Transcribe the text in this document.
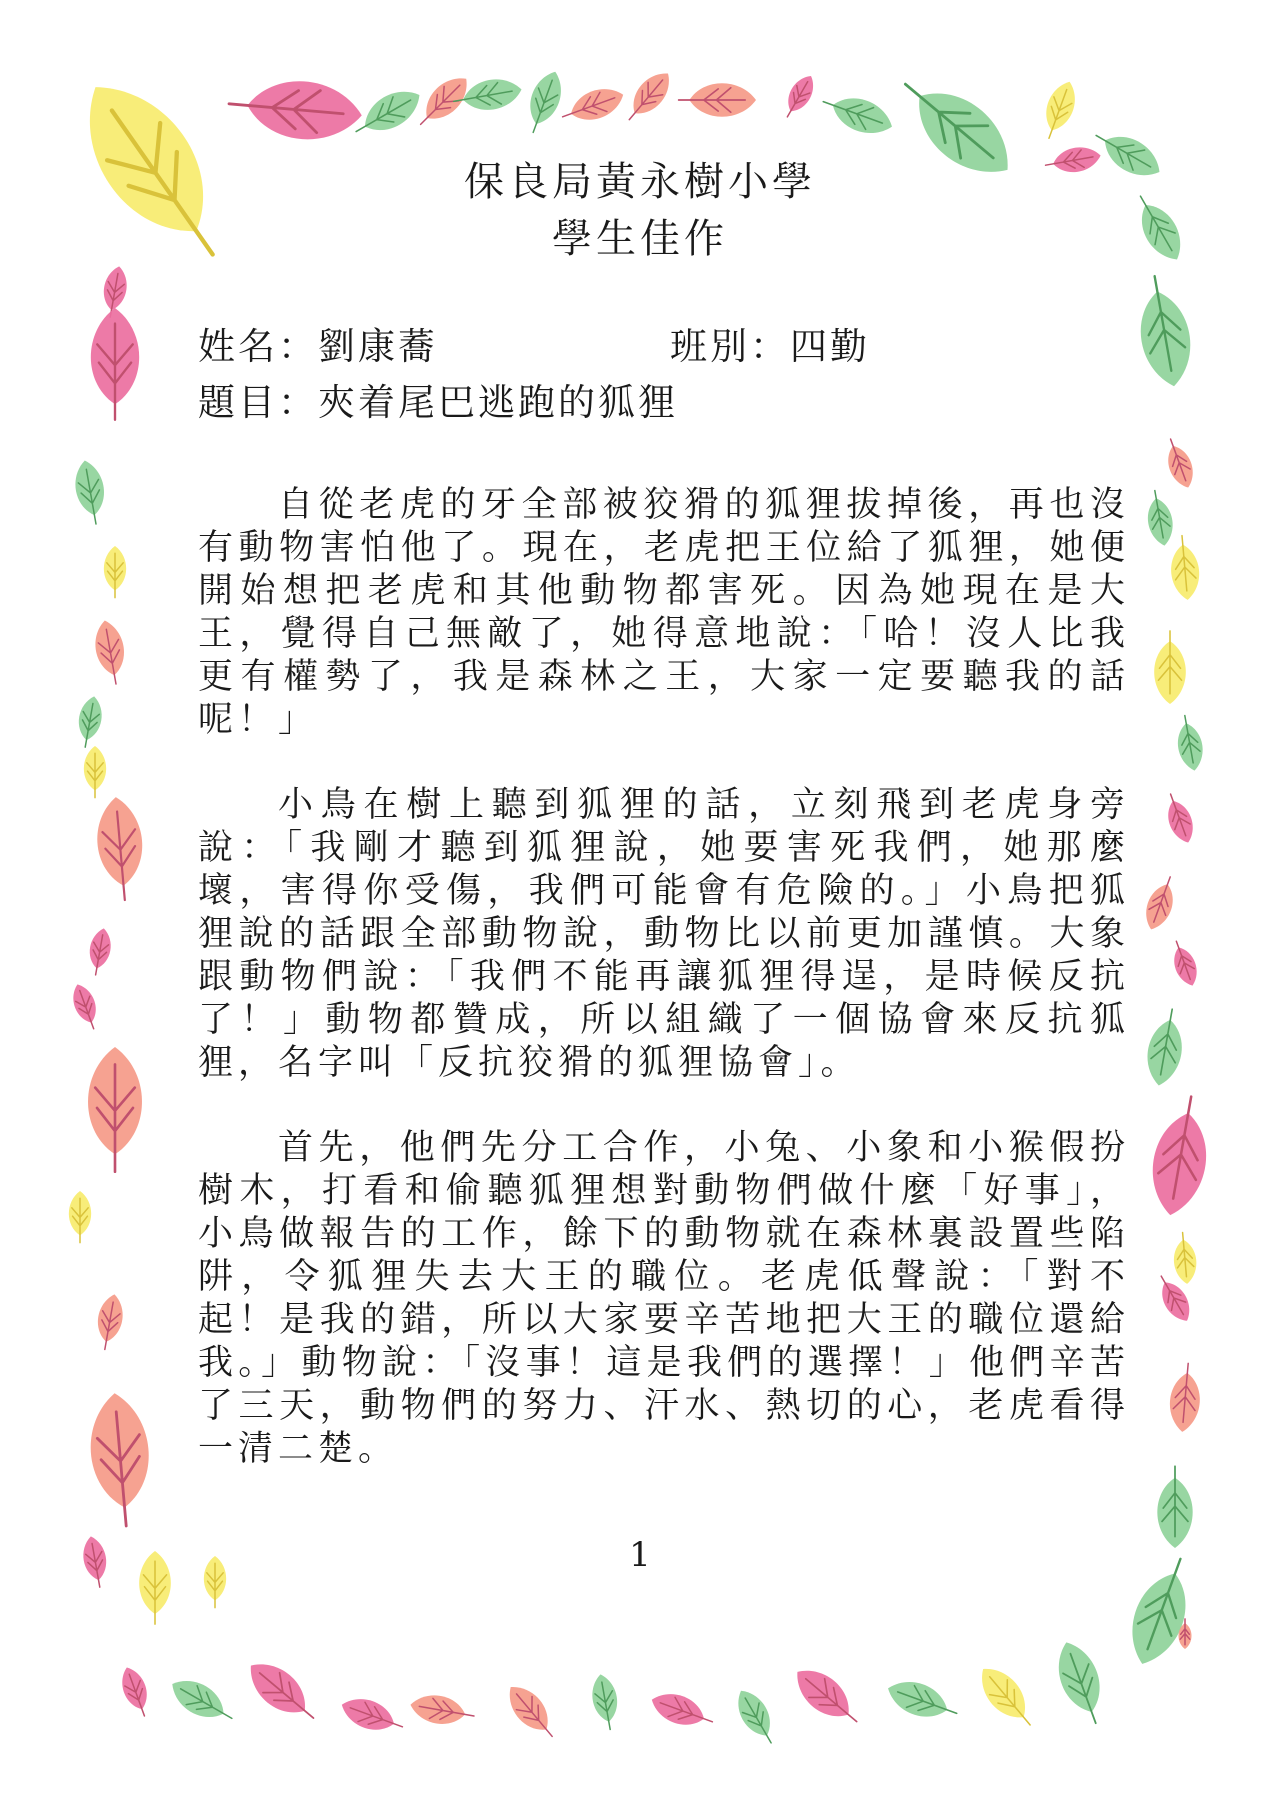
保良局黃永樹小學
學生佳作
姓名：劉康蕎	班別：四勤
題目：夾着尾巴逃跑的狐狸

自從老虎的牙全部被狡猾的狐狸拔掉後，再也沒有動物害怕他了。現在，老虎把王位給了狐狸，她便開始想把老虎和其他動物都害死。因為她現在是大王，覺得自己無敵了，她得意地說：「哈！沒人比我更有權勢了，我是森林之王，大家一定要聽我的話呢！」

小鳥在樹上聽到狐狸的話，立刻飛到老虎身旁說：「我剛才聽到狐狸說，她要害死我們，她那麼壞，害得你受傷，我們可能會有危險的。」小鳥把狐狸說的話跟全部動物說，動物比以前更加謹慎。大象跟動物們說：「我們不能再讓狐狸得逞，是時候反抗了！」動物都贊成，所以組織了一個協會來反抗狐狸，名字叫「反抗狡猾的狐狸協會」。

首先，他們先分工合作，小兔、小象和小猴假扮樹木，打看和偷聽狐狸想對動物們做什麼「好事」，小鳥做報告的工作，餘下的動物就在森林裏設置些陷阱，令狐狸失去大王的職位。老虎低聲說：「對不起！是我的錯，所以大家要辛苦地把大王的職位還給我。」動物說：「沒事！這是我們的選擇！」他們辛苦了三天，動物們的努力、汗水、熱切的心，老虎看得一清二楚。

1
